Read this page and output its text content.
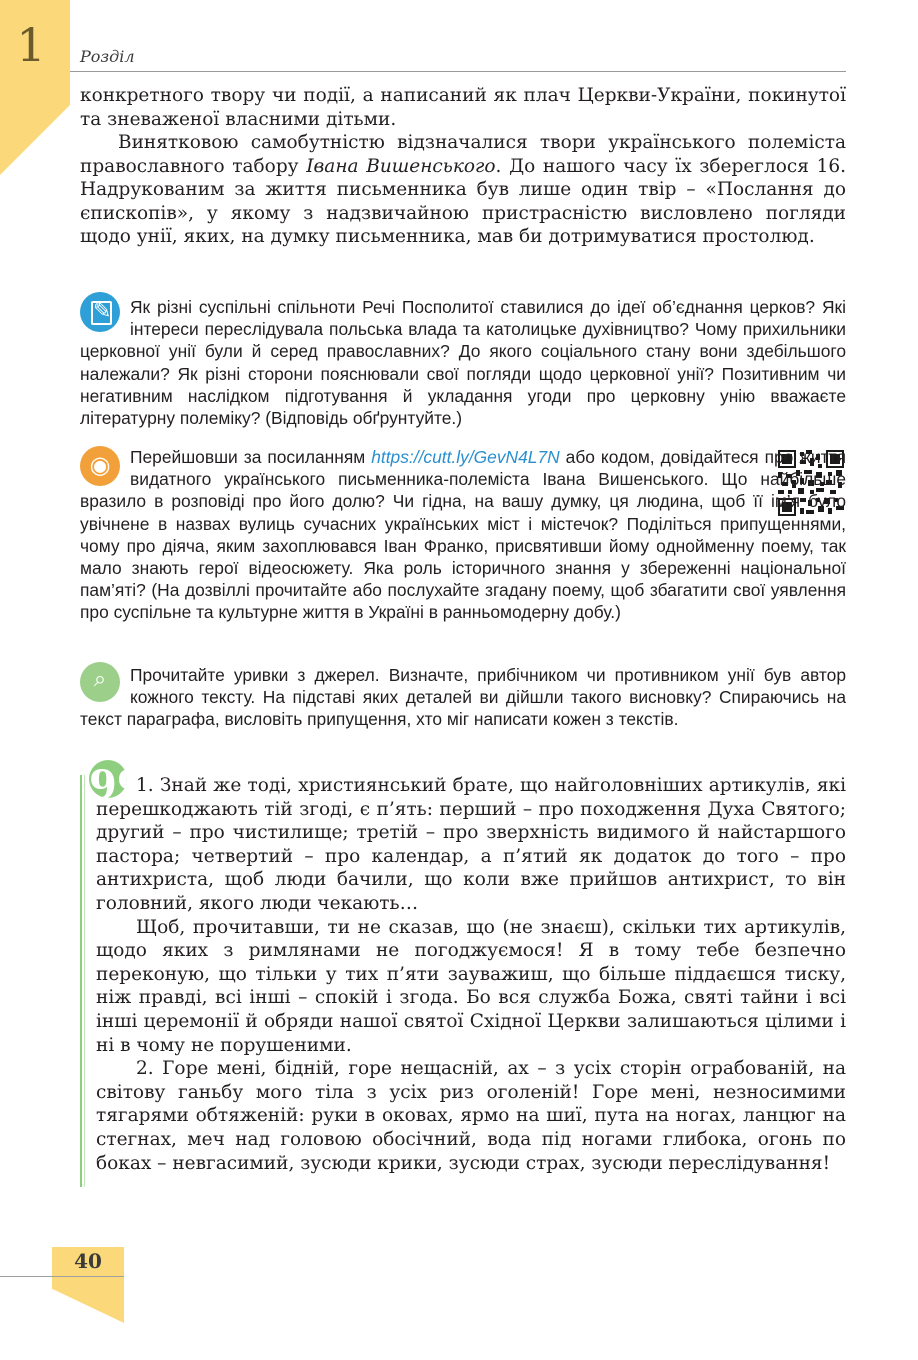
1	Розділ

конкретного твору чи події, а написаний як плач Церкви-України, покинутої та зневаженої власними дітьми.

Винятковою самобутністю відзначалися твори українського полеміста православного табору Івана Вишенського. До нашого часу їх збереглося 16. Надрукованим за життя письменника був лише один твір – «Послання до єпископів», у якому з надзвичайною пристрасністю висловлено погляди щодо унії, яких, на думку письменника, мав би дотримуватися простолюд.

✎	Як різні суспільні спільноти Речі Посполитої ставилися до ідеї об’єднання церков? Які інтереси переслідувала польська влада та католицьке духівництво? Чому прихильники церковної унії були й серед православних? До якого соціального стану вони здебільшого належали? Як різні сторони пояснювали свої погляди щодо церковної унії? Позитивним чи негативним наслідком підготування й укладання угоди про церковну унію вважаєте літературну полеміку? (Відповідь обґрунтуйте.)

◉	Перейшовши за посиланням https://cutt.ly/GevN4L7N або кодом, довідайтеся про життя видатного українського письменника-полеміста Івана Вишенського. Що найбільше вразило в розповіді про його долю? Чи гідна, на вашу думку, ця людина, щоб її ім’я було увічнене в назвах вулиць сучасних українських міст і містечок? Поділіться припущеннями, чому про діяча, яким захоплювався Іван Франко, присвятивши йому однойменну поему, так мало знають герої відеосюжету. Яка роль історичного знання у збереженні національної пам’яті? (На дозвіллі прочитайте або послухайте згадану поему, щоб збагатити свої уявлення про суспільне та культурне життя в Україні в ранньомодерну добу.)

⌕	Прочитайте уривки з джерел. Визначте, прибічником чи противником унії був автор кожного тексту. На підставі яких деталей ви дійшли такого висновку? Спираючись на текст параграфа, висловіть припущення, хто міг написати кожен з текстів.

99

1. Знай же тоді, християнський брате, що найголовніших артикулів, які перешкоджають тій згоді, є п’ять: перший – про походження Духа Святого; другий – про чистилище; третій – про зверхність видимого й найстаршого пастора; четвертий – про календар, а п’ятий як додаток до того – про антихриста, щоб люди бачили, що коли вже прийшов антихрист, то він головний, якого люди чекають…

Щоб, прочитавши, ти не сказав, що (не знаєш), скільки тих артикулів, щодо яких з римлянами не погоджуємося! Я в тому тебе безпечно переконую, що тільки у тих п’яти зауважиш, що більше піддаєшся тиску, ніж правді, всі інші – спокій і згода. Бо вся служба Божа, святі тайни і всі інші церемонії й обряди нашої святої Східної Церкви залишаються цілими і ні в чому не порушеними.

2. Горе мені, бідній, горе нещасній, ах – з усіх сторін ограбованій, на світову ганьбу мого тіла з усіх риз оголеній! Горе мені, незносимими тягарями обтяженій: руки в оковах, ярмо на шиї, пута на ногах, ланцюг на стегнах, меч над головою обосічний, вода під ногами глибока, огонь по боках – невгасимий, зусюди крики, зусюди страх, зусюди переслідування!

40
